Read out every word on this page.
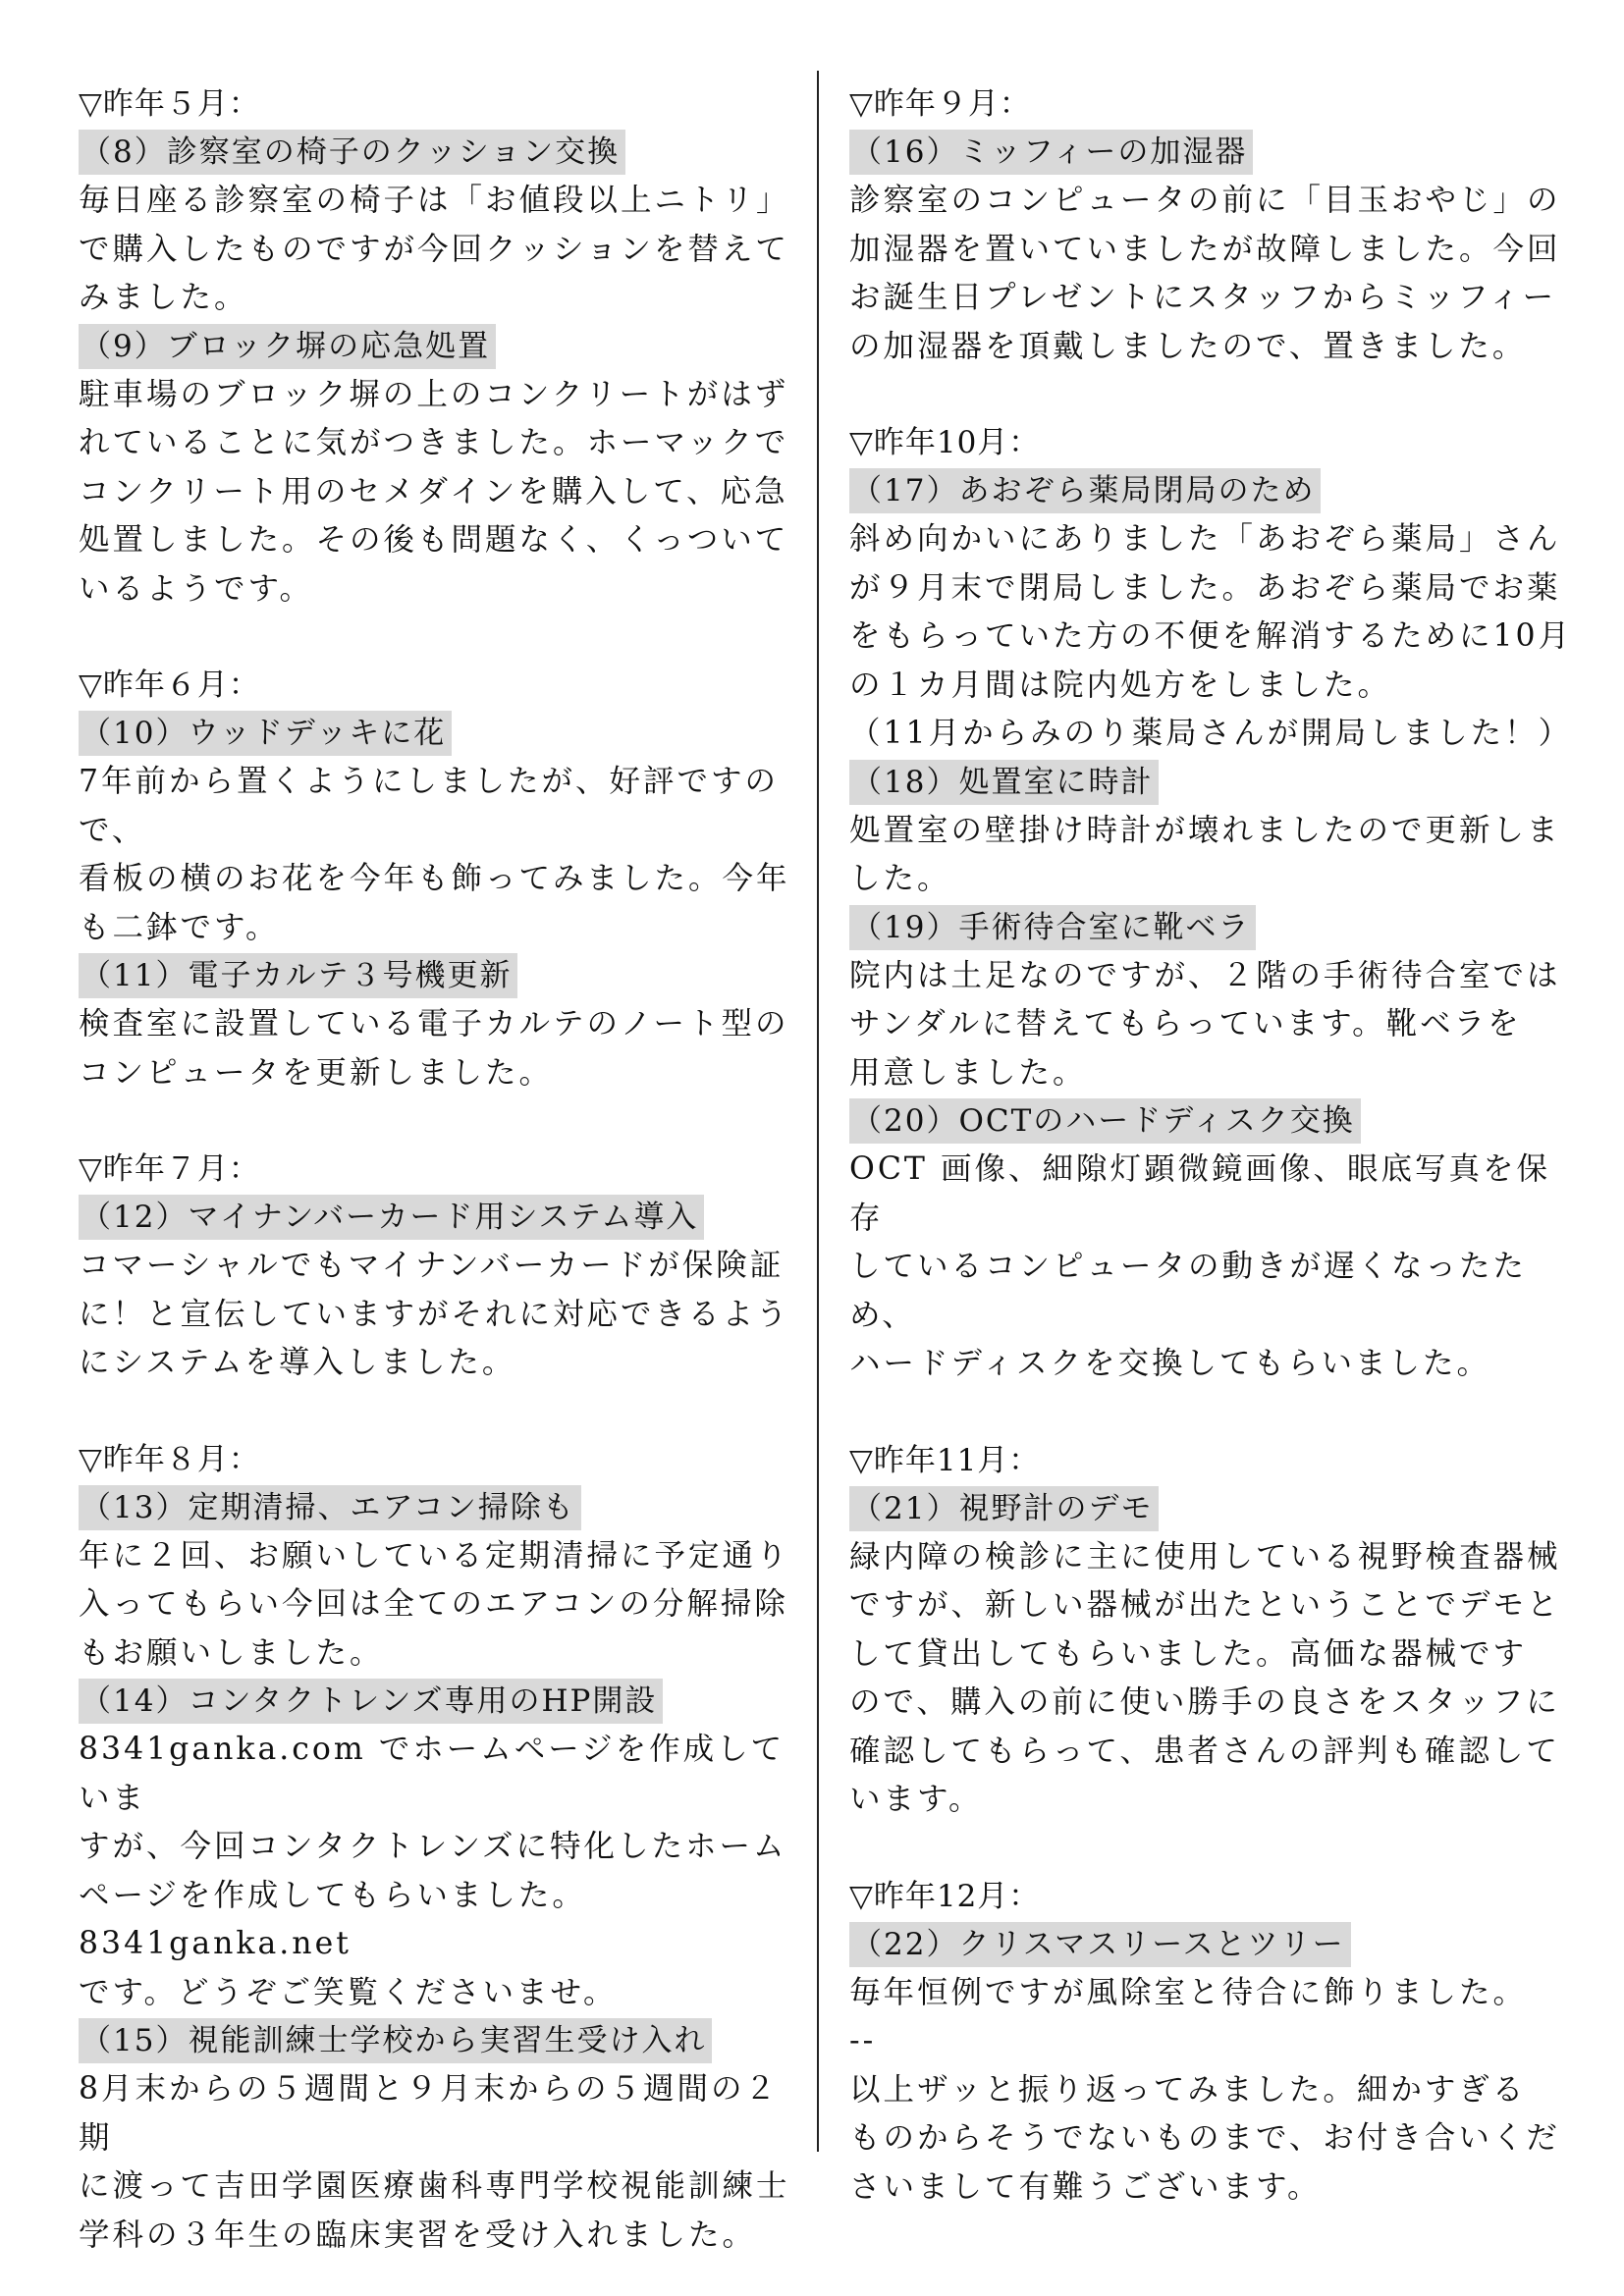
▽昨年５月：
（8）診察室の椅子のクッション交換

毎日座る診察室の椅子は「お値段以上ニトリ」
で購入したものですが今回クッションを替えて
みました。

（9）ブロック塀の応急処置

駐車場のブロック塀の上のコンクリートがはず
れていることに気がつきました。ホーマックで
コンクリート用のセメダインを購入して、応急
処置しました。その後も問題なく、くっついて
いるようです。

▽昨年６月：
（10）ウッドデッキに花

7年前から置くようにしましたが、好評ですので、
看板の横のお花を今年も飾ってみました。今年
も二鉢です。

（11）電子カルテ３号機更新

検査室に設置している電子カルテのノート型の
コンピュータを更新しました。

▽昨年７月：
（12）マイナンバーカード用システム導入

コマーシャルでもマイナンバーカードが保険証
に！と宣伝していますがそれに対応できるよう
にシステムを導入しました。

▽昨年８月：
（13）定期清掃、エアコン掃除も

年に２回、お願いしている定期清掃に予定通り
入ってもらい今回は全てのエアコンの分解掃除
もお願いしました。

（14）コンタクトレンズ専用のHP開設

8341ganka.com でホームページを作成していま
すが、今回コンタクトレンズに特化したホーム
ページを作成してもらいました。8341ganka.net
です。どうぞご笑覧くださいませ。

（15）視能訓練士学校から実習生受け入れ

8月末からの５週間と９月末からの５週間の２期
に渡って吉田学園医療歯科専門学校視能訓練士
学科の３年生の臨床実習を受け入れました。

▽昨年９月：
（16）ミッフィーの加湿器

診察室のコンピュータの前に「目玉おやじ」の
加湿器を置いていましたが故障しました。今回
お誕生日プレゼントにスタッフからミッフィー
の加湿器を頂戴しましたので、置きました。

▽昨年10月：
（17）あおぞら薬局閉局のため

斜め向かいにありました「あおぞら薬局」さん
が９月末で閉局しました。あおぞら薬局でお薬
をもらっていた方の不便を解消するために10月
の１カ月間は院内処方をしました。
（11月からみのり薬局さんが開局しました！）

（18）処置室に時計

処置室の壁掛け時計が壊れましたので更新しま
した。

（19）手術待合室に靴ベラ

院内は土足なのですが、２階の手術待合室では
サンダルに替えてもらっています。靴ベラを
用意しました。

（20）OCTのハードディスク交換

OCT 画像、細隙灯顕微鏡画像、眼底写真を保存
しているコンピュータの動きが遅くなったため、
ハードディスクを交換してもらいました。

▽昨年11月：
（21）視野計のデモ

緑内障の検診に主に使用している視野検査器械
ですが、新しい器械が出たということでデモと
して貸出してもらいました。高価な器械です
ので、購入の前に使い勝手の良さをスタッフに
確認してもらって、患者さんの評判も確認して
います。

▽昨年12月：
（22）クリスマスリースとツリー

毎年恒例ですが風除室と待合に飾りました。

--

以上ザッと振り返ってみました。細かすぎる
ものからそうでないものまで、お付き合いくだ
さいまして有難うございます。
